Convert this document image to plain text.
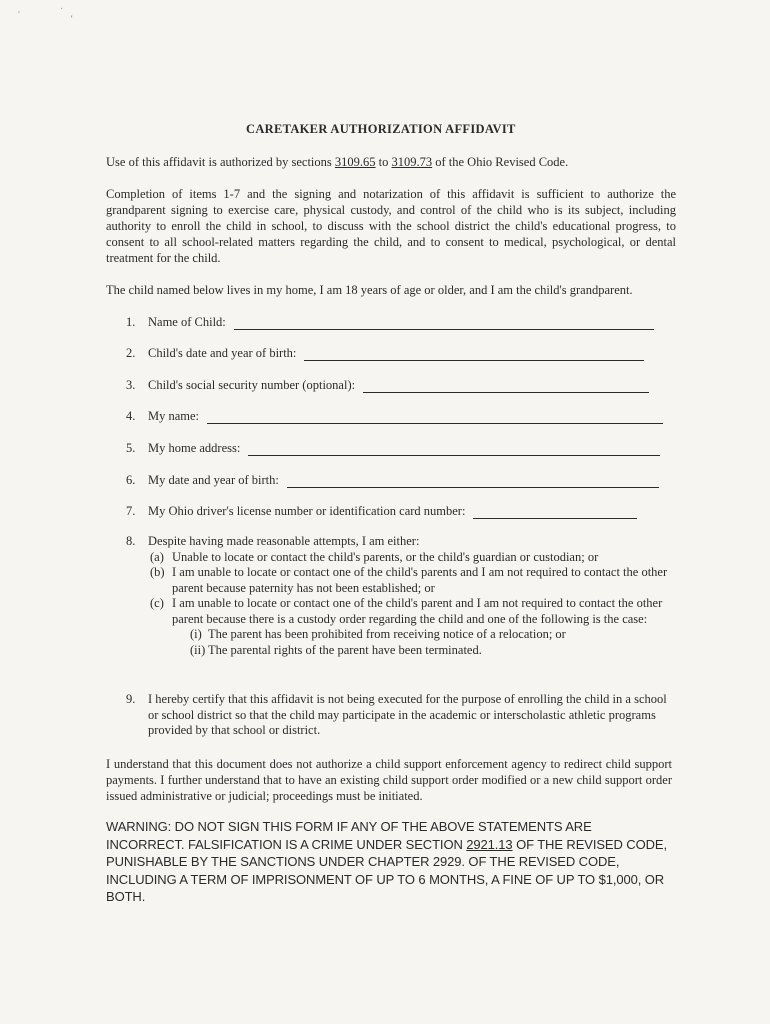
′
·
‘
CARETAKER AUTHORIZATION AFFIDAVIT

Use of this affidavit is authorized by sections 3109.65 to 3109.73 of the Ohio Revised Code.

Completion of items 1-7 and the signing and notarization of this affidavit is sufficient to authorize the grandparent signing to exercise care, physical custody, and control of the child who is its subject, including authority to enroll the child in school, to discuss with the school district the child's educational progress, to consent to all school-related matters regarding the child, and to consent to medical, psychological, or dental treatment for the child.

The child named below lives in my home, I am 18 years of age or older, and I am the child's grandparent.

1.	Name of Child:
2.	Child's date and year of birth:
3.	Child's social security number (optional):
4.	My name:
5.	My home address:
6.	My date and year of birth:
7.	My Ohio driver's license number or identification card number:
8.	Despite having made reasonable attempts, I am either:

(a) Unable to locate or contact the child's parents, or the child's guardian or custodian; or

(b) I am unable to locate or contact one of the child's parents and I am not required to contact the other parent because paternity has not been established; or

(c) I am unable to locate or contact one of the child's parent and I am not required to contact the other parent because there is a custody order regarding the child and one of the following is the case:

(i) The parent has been prohibited from receiving notice of a relocation; or

(ii) The parental rights of the parent have been terminated.

9.	I hereby certify that this affidavit is not being executed for the purpose of enrolling the child in a school or school district so that the child may participate in the academic or interscholastic athletic programs provided by that school or district.

I understand that this document does not authorize a child support enforcement agency to redirect child support payments. I further understand that to have an existing child support order modified or a new child support order issued administrative or judicial; proceedings must be initiated.

WARNING: DO NOT SIGN THIS FORM IF ANY OF THE ABOVE STATEMENTS ARE INCORRECT. FALSIFICATION IS A CRIME UNDER SECTION 2921.13 OF THE REVISED CODE, PUNISHABLE BY THE SANCTIONS UNDER CHAPTER 2929. OF THE REVISED CODE, INCLUDING A TERM OF IMPRISONMENT OF UP TO 6 MONTHS, A FINE OF UP TO $1,000, OR BOTH.
